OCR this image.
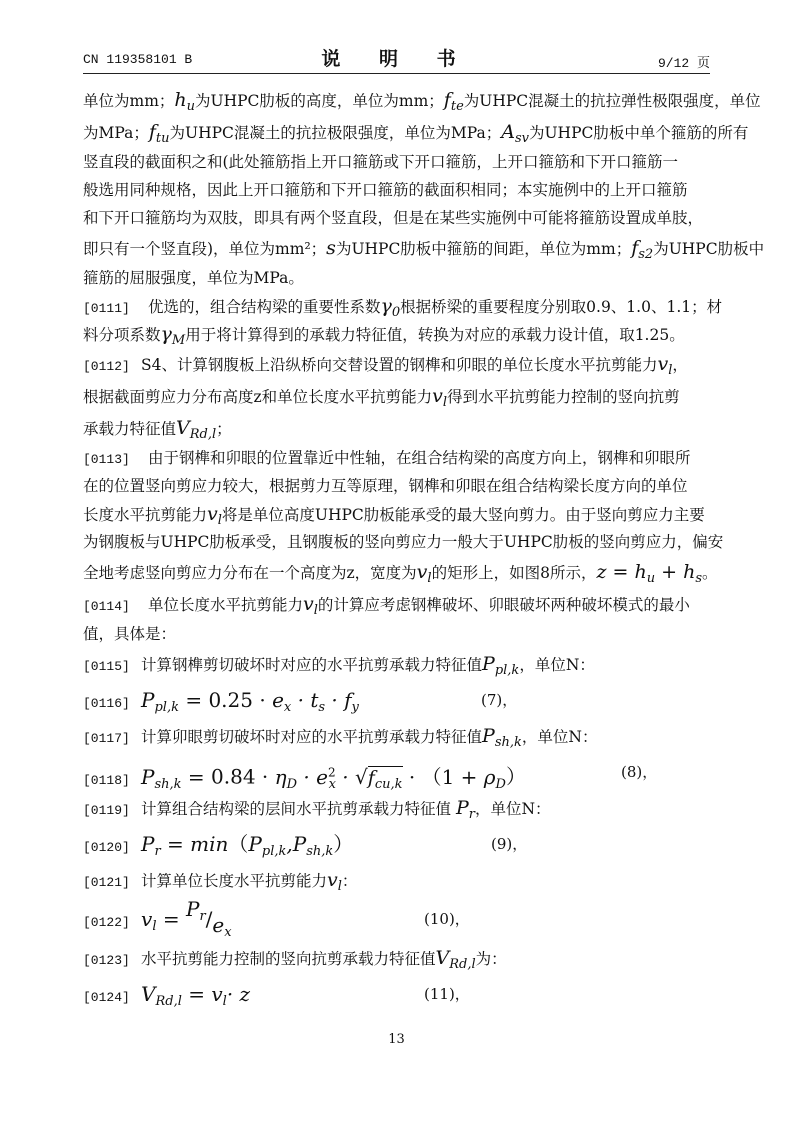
CN 119358101 B	说 明 书	9/12 页
单位为mm；$h_u$为UHPC肋板的高度，单位为mm；$f_{te}$为UHPC混凝土的抗拉弹性极限强度，单位
为MPa；$f_{tu}$为UHPC混凝土的抗拉极限强度，单位为MPa；$A_{sv}$为UHPC肋板中单个箍筋的所有
竖直段的截面积之和(此处箍筋指上开口箍筋或下开口箍筋，上开口箍筋和下开口箍筋一
般选用同种规格，因此上开口箍筋和下开口箍筋的截面积相同；本实施例中的上开口箍筋
和下开口箍筋均为双肢，即具有两个竖直段，但是在某些实施例中可能将箍筋设置成单肢，
即只有一个竖直段)，单位为mm²；s为UHPC肋板中箍筋的间距，单位为mm；$f_{s2}$为UHPC肋板中
箍筋的屈服强度，单位为MPa。
[0111] 优选的，组合结构梁的重要性系数$\gamma_0$根据桥梁的重要程度分别取0.9、1.0、1.1；材
料分项系数$\gamma_M$用于将计算得到的承载力特征值，转换为对应的承载力设计值，取1.25。
[0112] S4、计算钢腹板上沿纵桥向交替设置的钢榫和卯眼的单位长度水平抗剪能力$v_l$，
根据截面剪应力分布高度z和单位长度水平抗剪能力$v_l$得到水平抗剪能力控制的竖向抗剪
承载力特征值$V_{Rd,l}$；
[0113] 由于钢榫和卯眼的位置靠近中性轴，在组合结构梁的高度方向上，钢榫和卯眼所
在的位置竖向剪应力较大，根据剪力互等原理，钢榫和卯眼在组合结构梁长度方向的单位
长度水平抗剪能力$v_l$将是单位高度UHPC肋板能承受的最大竖向剪力。由于竖向剪应力主要
为钢腹板与UHPC肋板承受，且钢腹板的竖向剪应力一般大于UHPC肋板的竖向剪应力，偏安
全地考虑竖向剪应力分布在一个高度为z，宽度为$v_l$的矩形上，如图8所示，$z = h_u + h_s$。
[0114] 单位长度水平抗剪能力$v_l$的计算应考虑钢榫破坏、卯眼破坏两种破坏模式的最小
值，具体是：
[0115] 计算钢榫剪切破坏时对应的水平抗剪承载力特征值$P_{pl,k}$，单位N：
[0116] $P_{pl,k} = 0.25 \cdot e_x \cdot t_s \cdot f_y$	(7)，
[0117] 计算卯眼剪切破坏时对应的水平抗剪承载力特征值$P_{sh,k}$，单位N：
[0118] $P_{sh,k} = 0.84 \cdot \eta_D \cdot e^2_x \cdot √f_{cu,k} \cdot (1 + \rho_D)$	(8)，
[0119] 计算组合结构梁的层间水平抗剪承载力特征值 $P_r$，单位N：
[0120] $P_r = \min(P_{pl,k},P_{sh,k})$	(9)，
[0121] 计算单位长度水平抗剪能力$v_l$：
[0122] $v_l = P_r/e_x$
(10)，
[0123] 水平抗剪能力控制的竖向抗剪承载力特征值$V_{Rd,l}$为：
[0124] $V_{Rd,l} = v_l\cdot z$	(11)，
13
